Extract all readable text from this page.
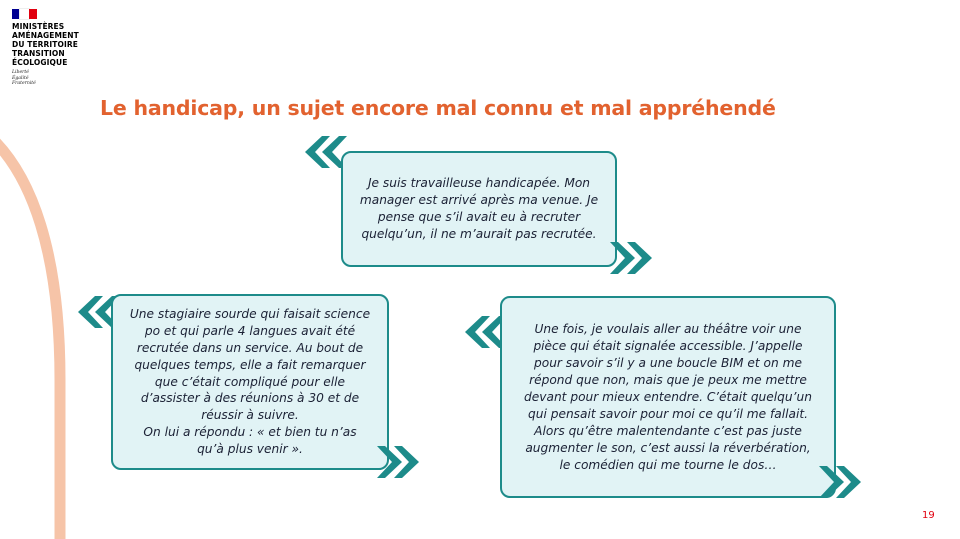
MINISTÈRES
AMÉNAGEMENT
DU TERRITOIRE
TRANSITION
ÉCOLOGIQUE
Liberté
Égalité
Fraternité
Le handicap, un sujet encore mal connu et mal appréhendé

Je suis travailleuse handicapée. Mon
manager est arrivé après ma venue. Je
pense que s’il avait eu à recruter
quelqu’un, il ne m’aurait pas recrutée.

Une stagiaire sourde qui faisait science
po et qui parle 4 langues avait été
recrutée dans un service. Au bout de
quelques temps, elle a fait remarquer
que c’était compliqué pour elle
d’assister à des réunions à 30 et de
réussir à suivre.
On lui a répondu : « et bien tu n’as
qu’à plus venir ».

Une fois, je voulais aller au théâtre voir une
pièce qui était signalée accessible. J’appelle
pour savoir s’il y a une boucle BIM et on me
répond que non, mais que je peux me mettre
devant pour mieux entendre. C’était quelqu’un
qui pensait savoir pour moi ce qu’il me fallait.
Alors qu’être malentendante c’est pas juste
augmenter le son, c’est aussi la réverbération,
le comédien qui me tourne le dos…

19
